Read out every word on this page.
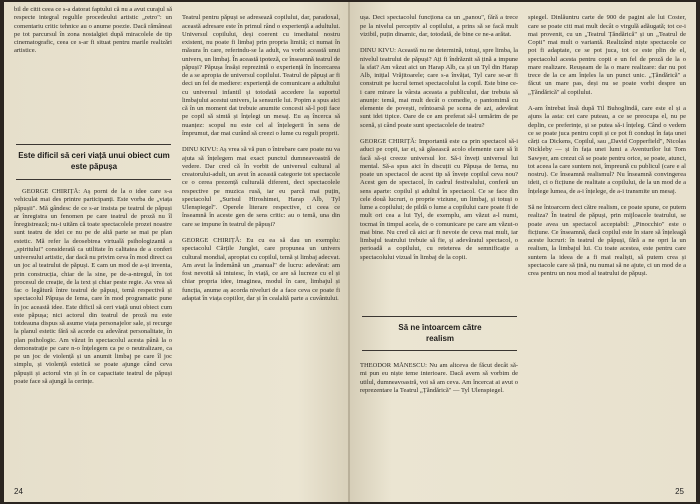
bil de citit ceea ce s-a datorat faptului că nu a avut curajul să respecte integral regulile procedeului artistic „retro": un comentariu critic tehnice au o anume poezie. Dacă rămâneai pe tot parcursul în zona nostalgiei după miracolele de tip cinematografic, ceea ce s-ar fi situat pentru marile realizări artistice.

Este dificil să ceri viață unui obiect cum este păpușa

GEORGE CHIRIȚĂ: Aș porni de la o idee care s-a vehiculat mai des printre participanți. Este vorba de „viața păpușii". Mă gândesc de ce s-ar insista pe teatrul de păpuși ar înregistra un fenomen pe care teatrul de proză nu îl înregistrează; nu-i uităm că toate spectacolele prozei noastre sunt teatru de idei ce nu pe de altă parte se mai pe plan estetic. Mă refer la deosebirea virtuală psihologizantă a „spiritului" considerată ca utilitate în calitatea de a conferi universului artistic, dar dacă nu privim ceva în mod direct ca un joc al teatrului de păpuși. E cam un mod de a-și inventa, prin construcția, chiar de la sine, pe de-a-ntregul, în tot procesul de creație, de la text și chiar peste regie. As vrea să fac o legătură între teatrul de păpuși, temă respectivă și spectacolul Păpușa de Iema, care în mod programatic pune în joc această idee. Este dificil să ceri viață unui obiect cum este păpușa; nici actorul din teatrul de proză nu este totdeauna dispus să asume viața personajelor sale, și recurge la planul estetic fără să acorde cu adevărat personalitate, în plan psihologic. Am văzut în spectacolul acesta până la o demonstrație pe care n-o înțelegem ca pe o neutralizare, ca pe un joc de violență și un anumit limbaj pe care îl joc simplu, și violență estetică se poate ajunge când ceva păpușii și actorul vin și în ce capacitate teatrul de păpuși poate face să ajungă la cerințe.

Teatrul pentru păpuși se adresează copilului, dar, paradoxal, această adresare este în primul rând o experiență a adultului. Universul copilului, deși coerent cu imediatul nostru existent, nu poate fi limbaj prin propria limită; ci numai în măsura în care, referindu-se la adult, va vorbi această unui univers, un limbaj. În această ipoteză, ce înseamnă teatrul de păpuși? Păpușa însăși reprezintă o experiență în încercarea de a se apropia de universul copilului. Teatrul de păpuși ar fi deci un fel de mediere: experiență de comunicare a adultului cu universul infantil și totodată accedere la suportul limbajului acestui univers, la sensurile lui. Popim a spus aici că în un moment dat trebuie anumite concesii să-l poți face pe copil să simtă și înțelegi un mesaj. Eu aș încerca să nuanțez: scopul nu este cel al înțelegerii în sens de împrumut, dar mai curând să creezi o lume cu reguli proprii.

DINU KIVU: Aș vrea să vă pun o întrebare care poate nu va ajuta să înțelegem mai exact punctul dumneavoastră de vedere. Dar cred că în vorbit de universul cultural al creatorului-adult, un avut în această categorie tot spectacole ce o cerea prezență culturală diferent, deci spectacolele respective pe muzica rusă, iar eu parcă mai puțin, spectacolul „Surisul Hiroshimei, Harap Alb, Tyl Ulenspiegel". Operele literare respective, ci ceea ce înseamnă în aceste gen de sens critic: au o temă, una din care se impune în teatrul de păpuși?

GEORGE CHIRIȚĂ: Eu cu ea să dau un exemplu: spectacolul Cărțile Junglei, care propunea un univers cultural mondial, apropiat cu copilul, temă și limbaj adecvat. Am avut la îndemână un „manual" de lucru: adevărat: am fost nevoită să intuiesc, în viață, ce are să lucreze cu el și chiar propria idee, imaginea, modul în care, limbajul și funcția, anume aș acorda niveluri de a face ceva ce poate fi adaptat în viața copiilor, dar și în cealaltă parte a cuvântului.

24

ușa. Deci spectacolul funcționa ca un „panou", fără a trece pe la nivelul perceptiv al copilului, a prins să se facă mult vizibil, puțin dinamic, dar, totodată, de bine ce ne-a arătat.

DINU KIVU: Această nu ne determină, totuși, spre limba, la nivelul teatrului de păpuși? Ați fi îndrăznit să țină a impune la sfat? Am văzut aici un Harap Alb, ca și un Tyl din Harap Alb, inițial Vrăjitoarele; care s-a învățat, Tyl care se-ar fi construit pe lucrul temei spectacolului la copil. Este bine ce-i care mirare la vârsta aceasta a publicului, dar trebuia să anunțe: temă, mai mult decât o comedie, o pantomimă cu elemente de povești, reîntoarsă pe scena de azi, adevărat sunt idei tipice. Oare de ce am preferat să-l urmărim de pe scenă, și când poate sunt spectacolele de teatru?

GEORGE CHIRIȚĂ: Importantă este ca prin spectacol să-i aduci pe copii, iar ei, să găsească acolo elemente care să îi facă să-și creeze universul lor. Să-i înveți universul lui mental. Să-a spus aici în discuții cu Păpușa de Iema, nu poate un spectacol de acest tip să învețe copilul ceva nou? Acest gen de spectacol, în cadrul festivalului, conferă un sens aparte: copilul și adultul în spectacol. Ce se face din cele două lucruri, o proprie viziune, un limbaj, și totuși o lume a copilului; de pildă o lume a copilului care poate fi de mult ori cea a lui Tyl, de exemplu, am văzut a-l numi, tocmai în timpul acela, de o comunicare pe care am văzut-o mai bine. Nu cred că aici ar fi nevoie de ceva mai mult, iar limbajul teatrului trebuie să fie, și adevăratul spectacol, o perioadă a copilului, cu reteterea de semnificație a spectacolului vizual în limbaj de la copii.

Să ne întoarcem către realism

THEODOR MĂNESCU: Nu am altceva de făcut decât să-mi pun eu niște teme interioare. Dacă avem să vorbim de utilul, dumneavoastră, voi să am ceva. Am încercat ai avut o reprezentare la Teatrul „Țăndărică" — Tyl Ulenspiegel.

spiegel. Dinlăuntru carte de 900 de pagini ale lui Coster, care se poate citi mai mult decât o virgulă adăugată; tot ce-i mai provenit, cu un „Teatrul Țăndărică" și un „Teatrul de Copii" mai mult o variantă. Realizând niște spectacole ce pot fi adaptate, ce se pot juca, tot ce este plin de el, spectacolul acesta pentru copii e un fel de proză de la o mare realizare. Reușeam de la o mare realizare: dar nu pot trece de la ce am înțeles la un punct unic. „Țăndărică" a făcut un mare pas, deși nu se poate vorbi despre un „Țăndărică" al copilului.

A-am întrebat însă după Til Buhoglindă, care este el și a ajuns la asta: cei care puteau, a ce se preocupa el, nu pe deplin, ce preferințe, și se putea să-i înțeleg. Când o vedem ce se poate juca pentru copii și ce pot fi conduși în fața unei cărți ca Dickens, Copilul, sau „David Copperfield", Nicolas Nickleby — și în fața unei lumi a Aventurilor lui Tom Sawyer, am crezut că se poate pentru orice, se poate, atunci, tot aceea la care suntem noi, împreună cu publicul (care e al nostru). Ce înseamnă realismul? Nu înseamnă convingerea ideii, ci o ficțiune de realitate a copilului, de la un mod de a înțelege lumea, de a-i înțelege, de a-i transmite un mesaj.

Să ne întoarcem deci către realism, ce poate spune, ce putem realiza? În teatrul de păpuși, prin mijloacele teatrului, se poate avea un spectacol acceptabil: „Pinocchio" este o ficțiune. Ce înseamnă, dacă copilul este în stare să înțeleagă aceste lucruri: în teatrul de păpuși, fără a ne opri la un realism, la limbajul lui. Cu toate acestea, este pentru care suntem la ideea de a fi mai realiști, să putem crea și spectacole care să țină, nu numai să ne ajute, ci un mod de a crea pentru un nou mod al teatrului de păpuși.

25
